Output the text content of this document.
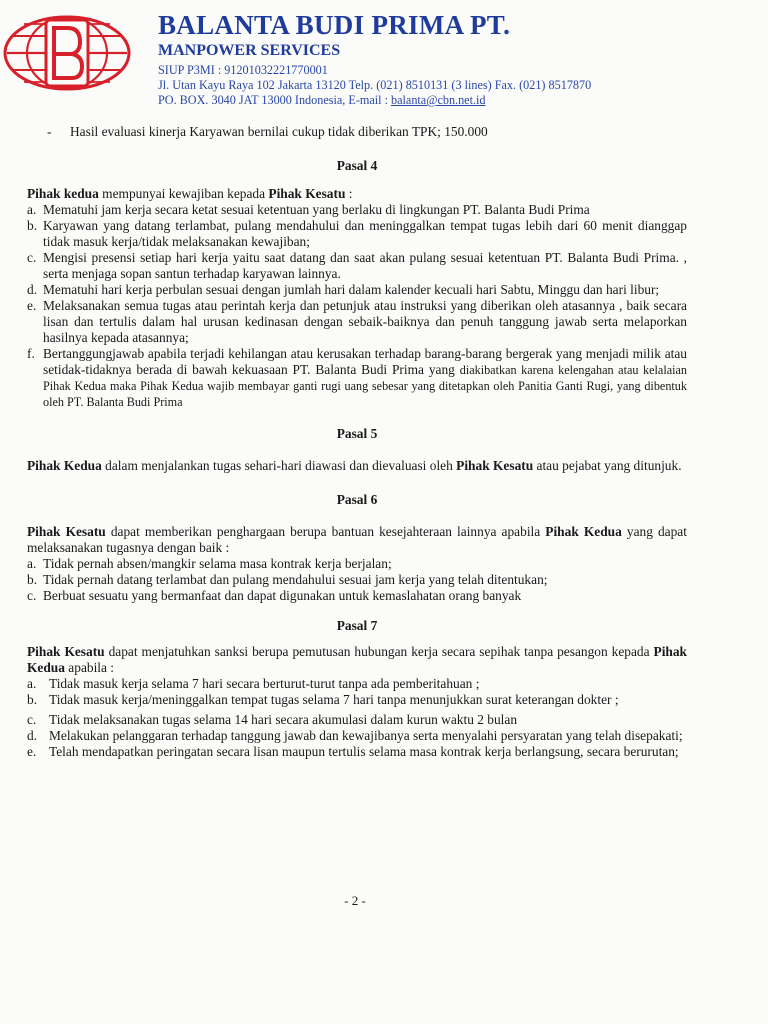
BALANTA BUDI PRIMA PT.
MANPOWER SERVICES
SIUP P3MI : 91201032221770001
Jl. Utan Kayu Raya 102 Jakarta 13120 Telp. (021) 8510131 (3 lines) Fax. (021) 8517870
PO. BOX. 3040 JAT 13000 Indonesia, E-mail : balanta@cbn.net.id
- Hasil evaluasi kinerja Karyawan bernilai cukup tidak diberikan TPK; 150.000
Pasal 4

Pihak kedua mempunyai kewajiban kepada Pihak Kesatu :

a. Mematuhi jam kerja secara ketat sesuai ketentuan yang berlaku di lingkungan PT. Balanta Budi Prima
b. Karyawan yang datang terlambat, pulang mendahului dan meninggalkan tempat tugas lebih dari 60 menit dianggap tidak masuk kerja/tidak melaksanakan kewajiban;
c. Mengisi presensi setiap hari kerja yaitu saat datang dan saat akan pulang sesuai ketentuan PT. Balanta Budi Prima. , serta menjaga sopan santun terhadap karyawan lainnya.
d. Mematuhi hari kerja perbulan sesuai dengan jumlah hari dalam kalender kecuali hari Sabtu, Minggu dan hari libur;
e. Melaksanakan semua tugas atau perintah kerja dan petunjuk atau instruksi yang diberikan oleh atasannya , baik secara lisan dan tertulis dalam hal urusan kedinasan dengan sebaik-baiknya dan penuh tanggung jawab serta melaporkan hasilnya kepada atasannya;
f. Bertanggungjawab apabila terjadi kehilangan atau kerusakan terhadap barang-barang bergerak yang menjadi milik atau setidak-tidaknya berada di bawah kekuasaan PT. Balanta Budi Prima yang diakibatkan karena kelengahan atau kelalaian Pihak Kedua maka Pihak Kedua wajib membayar ganti rugi uang sebesar yang ditetapkan oleh Panitia Ganti Rugi, yang dibentuk oleh PT. Balanta Budi Prima
Pasal 5

Pihak Kedua dalam menjalankan tugas sehari-hari diawasi dan dievaluasi oleh Pihak Kesatu atau pejabat yang ditunjuk.

Pasal 6

Pihak Kesatu dapat memberikan penghargaan berupa bantuan kesejahteraan lainnya apabila Pihak Kedua yang dapat melaksanakan tugasnya dengan baik :

a. Tidak pernah absen/mangkir selama masa kontrak kerja berjalan;
b. Tidak pernah datang terlambat dan pulang mendahului sesuai jam kerja yang telah ditentukan;
c. Berbuat sesuatu yang bermanfaat dan dapat digunakan untuk kemaslahatan orang banyak
Pasal 7

Pihak Kesatu dapat menjatuhkan sanksi berupa pemutusan hubungan kerja secara sepihak tanpa pesangon kepada Pihak Kedua apabila :

a. Tidak masuk kerja selama 7 hari secara berturut-turut tanpa ada pemberitahuan ;
b. Tidak masuk kerja/meninggalkan tempat tugas selama 7 hari tanpa menunjukkan surat keterangan dokter ;
c. Tidak melaksanakan tugas selama 14 hari secara akumulasi dalam kurun waktu 2 bulan
d. Melakukan pelanggaran terhadap tanggung jawab dan kewajibanya serta menyalahi persyaratan yang telah disepakati;
e. Telah mendapatkan peringatan secara lisan maupun tertulis selama masa kontrak kerja berlangsung, secara berurutan;
- 2 -
